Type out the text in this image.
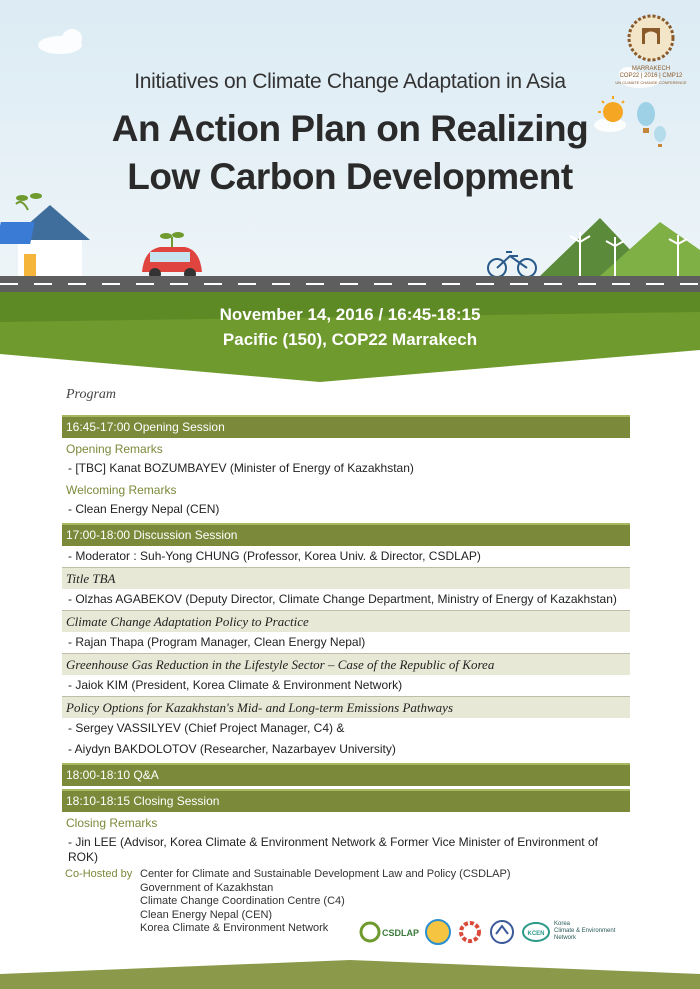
MARRAKECH
COP22 | 2016 | CMP12
UN CLIMATE CHANGE CONFERENCE
Initiatives on Climate Change Adaptation in Asia
An Action Plan on Realizing
Low Carbon Development
November 14, 2016 / 16:45-18:15
Pacific (150), COP22 Marrakech
Program
16:45-17:00 Opening Session
Opening Remarks
- [TBC] Kanat BOZUMBAYEV (Minister of Energy of Kazakhstan)
Welcoming Remarks
- Clean Energy Nepal (CEN)
17:00-18:00 Discussion Session
- Moderator : Suh-Yong CHUNG (Professor, Korea Univ. & Director, CSDLAP)
Title TBA
- Olzhas AGABEKOV (Deputy Director, Climate Change Department, Ministry of Energy of Kazakhstan)
Climate Change Adaptation Policy to Practice
- Rajan Thapa (Program Manager, Clean Energy Nepal)
Greenhouse Gas Reduction in the Lifestyle Sector – Case of the Republic of Korea
- Jaiok KIM (President, Korea Climate & Environment Network)
Policy Options for Kazakhstan's Mid- and Long-term Emissions Pathways
- Sergey VASSILYEV (Chief Project Manager, C4) &
- Aiydyn BAKDOLOTOV (Researcher, Nazarbayev University)
18:00-18:10 Q&A
18:10-18:15 Closing Session
Closing Remarks
- Jin LEE (Advisor, Korea Climate & Environment Network & Former Vice Minister of Environment of ROK)
Co-Hosted by Center for Climate and Sustainable Development Law and Policy (CSDLAP)
Government of Kazakhstan
Climate Change Coordination Centre (C4)
Clean Energy Nepal (CEN)
Korea Climate & Environment Network	CSDLAP	KCEN
Korea
Climate & Environment
Network
